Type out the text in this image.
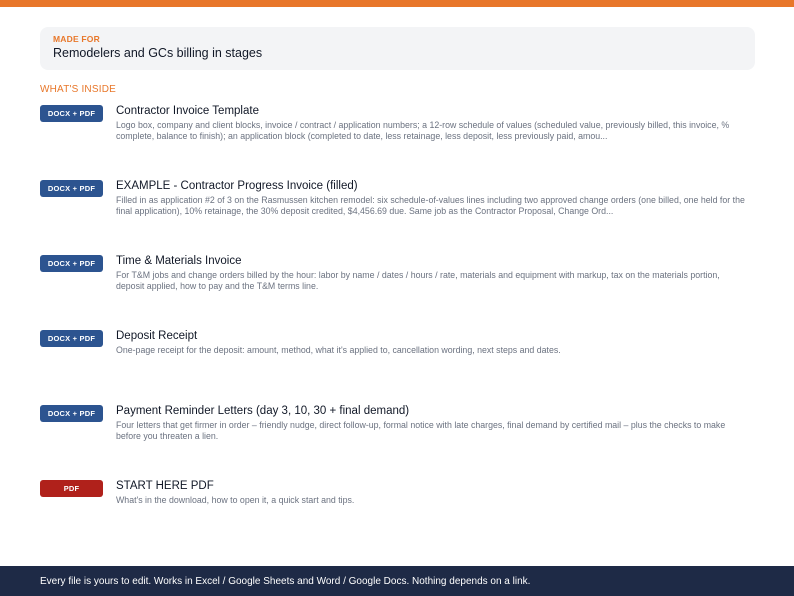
MADE FOR
Remodelers and GCs billing in stages
WHAT'S INSIDE
DOCX + PDF	Contractor Invoice Template
Logo box, company and client blocks, invoice / contract / application numbers; a 12-row schedule of values (scheduled value, previously billed, this invoice, % complete, balance to finish); an application block (completed to date, less retainage, less deposit, less previously paid, amou...
DOCX + PDF	EXAMPLE - Contractor Progress Invoice (filled)
Filled in as application #2 of 3 on the Rasmussen kitchen remodel: six schedule-of-values lines including two approved change orders (one billed, one held for the final application), 10% retainage, the 30% deposit credited, $4,456.69 due. Same job as the Contractor Proposal, Change Ord...
DOCX + PDF	Time & Materials Invoice
For T&M jobs and change orders billed by the hour: labor by name / dates / hours / rate, materials and equipment with markup, tax on the materials portion, deposit applied, how to pay and the T&M terms line.
DOCX + PDF	Deposit Receipt
One-page receipt for the deposit: amount, method, what it's applied to, cancellation wording, next steps and dates.
DOCX + PDF	Payment Reminder Letters (day 3, 10, 30 + final demand)
Four letters that get firmer in order – friendly nudge, direct follow-up, formal notice with late charges, final demand by certified mail – plus the checks to make before you threaten a lien.
PDF	START HERE PDF
What's in the download, how to open it, a quick start and tips.
Every file is yours to edit. Works in Excel / Google Sheets and Word / Google Docs. Nothing depends on a link.
